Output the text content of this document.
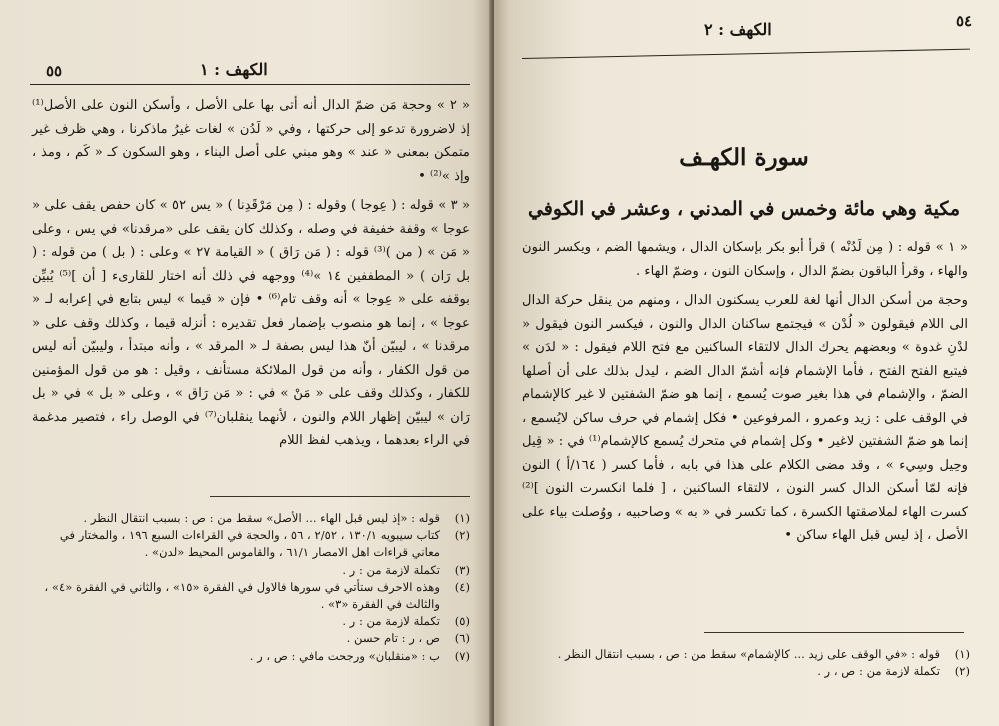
٥٥	الكهف : ١

« ٢ » وحجة مَن ضمّ الدال أنه أتى بها على الأصل ، وأسكن النون على الأصل⁽¹⁾ إذ لاضرورة تدعو إلى حركتها ، وفي « لَدُن » لغات غيرُ ماذكرنا ، وهي ظرف غير متمكن بمعنى « عند » وهو مبني على أصل البناء ، وهو السكون كـ « كَم ، ومذ ، وإذ »⁽²⁾ •

« ٣ » قوله : ( عِوجا ) وقوله : ( مِن مَرْقَدِنا ) « يس ٥٢ » كان حفص يقف على « عوجا » وقفة خفيفة في وصله ، وكذلك كان يقف على «مرقدنا» في يس ، وعلى « مَن » ( من )⁽³⁾ قوله : ( مَن رَاق ) « القيامة ٢٧ » وعلى : ( بل ) من قوله : ( بل رَان ) « المطففين ١٤ »⁽⁴⁾ ووجهه في ذلك أنه اختار للقارىء [ أن ]⁽⁵⁾ يُبيِّن بوقفه على « عِوجا » أنه وقف تام⁽⁶⁾ • فإن « قيما » ليس بتابع في إعرابه لـ « عوجا » ، إنما هو منصوب بإضمار فعل تقديره : أنزله قيما ، وكذلك وقف على « مرقدنا » ، ليبيّن أنّ هذا ليس بصفة لـ « المرقد » ، وأنه مبتدأ ، وليبيّن أنه ليس من قول الكفار ، وأنه من قول الملائكة مستأنف ، وقيل : هو من قول المؤمنين للكفار ، وكذلك وقف على « مَنْ » في : « مَن رَاق » ، وعلى « بل » في « بل رَان » ليبيّن إظهار اللام والنون ، لأنهما ينقلبان⁽⁷⁾ في الوصل راء ، فتصير مدغمة في الراء بعدهما ، ويذهب لفظ اللام

(١)
قوله : «إذ ليس قبل الهاء ... الأصل» سقط من : ص : بسبب انتقال النظر .
(٢)
كتاب سيبويه ١٣٠/١ ، ٢/٥٢ ، ٥٦ ، والحجة في القراءات السبع ١٩٦ ، والمختار في معاني قراءات اهل الامصار ٦١/١ ، والقاموس المحيط «لدن» .
(٣)
تكملة لازمة من : ر .
(٤)
وهذه الاحرف ستأتي في سورها فالاول في الفقرة «١٥» ، والثاني في الفقرة «٤» ، والثالث في الفقرة «٣» .
(٥)
تكملة لازمة من : ر .
(٦)
ص ، ر : تام حسن .
(٧)
ب : «منقلبان» ورجحت مافي : ص ، ر .
٥٤
الكهف : ٢
سورة الكهـف
مكية وهي مائة وخمس في المدني ، وعشر في الكوفي

« ١ » قوله : ( مِن لَدُنْه ) قرأ أبو بكر بإسكان الدال ، ويشمها الضم ، ويكسر النون والهاء ، وقرأ الباقون بضمّ الدال ، وإسكان النون ، وضمّ الهاء .

وحجة من أسكن الدال أنها لغة للعرب يسكنون الدال ، ومنهم من ينقل حركة الدال الى اللام فيقولون « لُدْن » فيجتمع ساكنان الدال والنون ، فيكسر النون فيقول « لدْنِ غدوة » وبعضهم يحرك الدال لالتقاء الساكنين مع فتح اللام فيقول : « لدَن » فيتبع الفتح الفتح ، فأما الإشمام فإنه أشمّ الدال الضم ، ليدل بذلك على أن أصلها الضمّ ، والإشمام في هذا بغير صوت يُسمع ، إنما هو ضمّ الشفتين لا غير كالإشمام في الوقف على : زيد وعمرو ، المرفوعين • فكل إشمام في حرف ساكن لايُسمع ، إنما هو ضمّ الشفتين لاغير • وكل إشمام في متحرك يُسمع كالإشمام⁽¹⁾ في : « قِيل وحِيل وسِيء » ، وقد مضى الكلام على هذا في بابه ، فأما كسر ( ١٦٤/أ ) النون فإنه لمّا أسكن الدال كسر النون ، لالتقاء الساكنين ، [ فلما انكسرت النون ]⁽²⁾ كسرت الهاء لملاصقتها الكسرة ، كما تكسر في « به » وصاحبيه ، ووُصلت بياء على الأصل ، إذ ليس قبل الهاء ساكن •

(١)
قوله : «في الوقف على زيد ... كالإشمام» سقط من : ص ، بسبب انتقال النظر .
(٢)
تكملة لازمة من : ص ، ر .
